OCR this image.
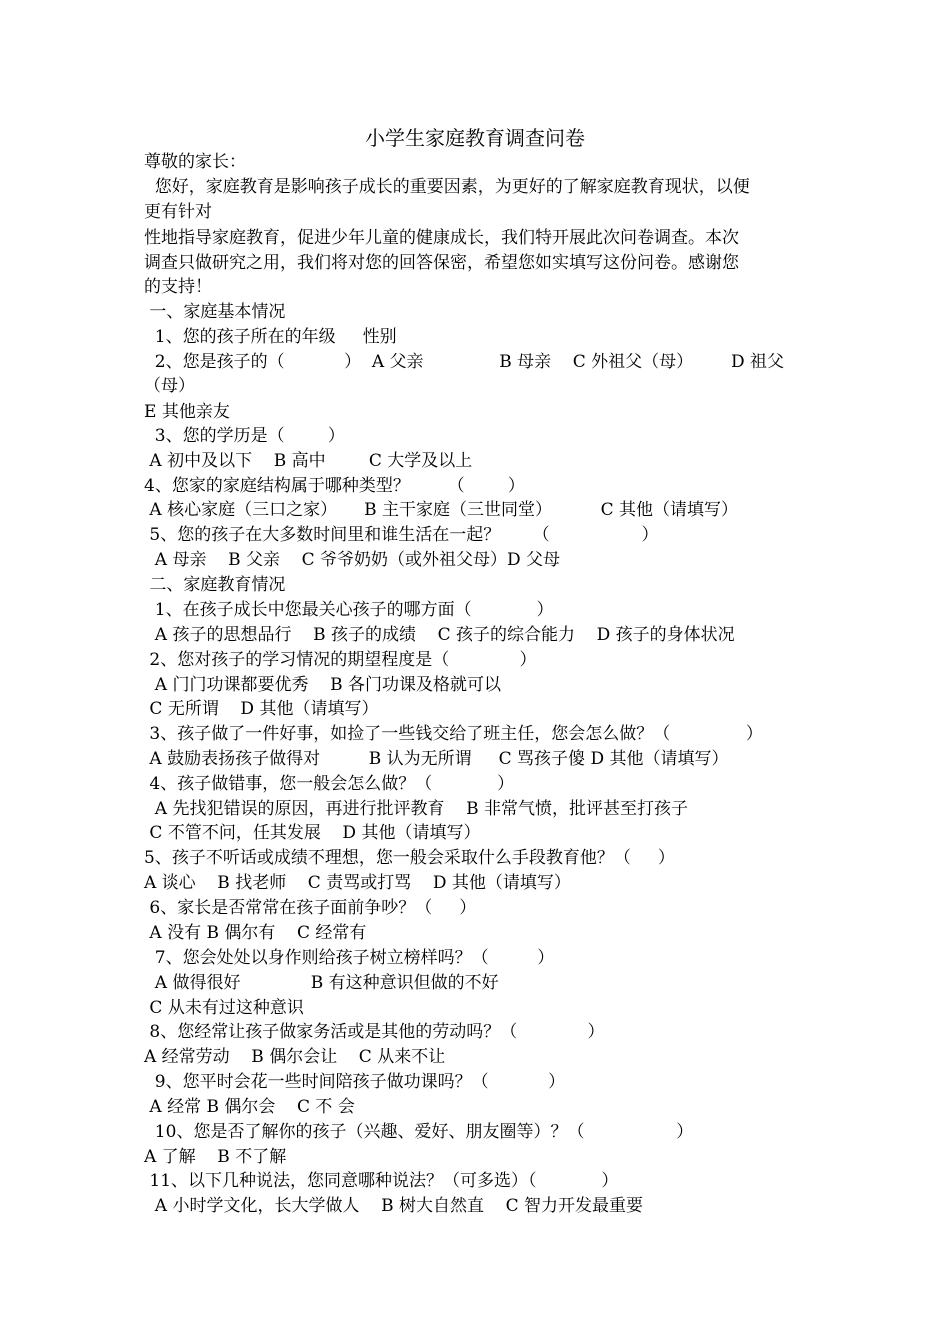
小学生家庭教育调查问卷
尊敬的家长：
您好，家庭教育是影响孩子成长的重要因素，为更好的了解家庭教育现状，以便
更有针对
性地指导家庭教育，促进少年儿童的健康成长，我们特开展此次问卷调查。本次
调查只做研究之用，我们将对您的回答保密，希望您如实填写这份问卷。感谢您
的支持！
一、家庭基本情况
1、您的孩子所在的年级     性别
2、您是孩子的（           ）  A 父亲              B 母亲    C 外祖父（母）       D 祖父
（母）
E 其他亲友
3、您的学历是（        ）
A 初中及以下    B 高中        C 大学及以上
4、您家的家庭结构属于哪种类型？       （        ）
A 核心家庭（三口之家）     B 主干家庭（三世同堂）         C 其他（请填写）
5、您的孩子在大多数时间里和谁生活在一起？      （                 ）
A 母亲    B 父亲    C 爷爷奶奶（或外祖父母）D 父母
二、家庭教育情况
1、在孩子成长中您最关心孩子的哪方面（            ）
A 孩子的思想品行    B 孩子的成绩    C 孩子的综合能力    D 孩子的身体状况
2、您对孩子的学习情况的期望程度是（             ）
A 门门功课都要优秀    B 各门功课及格就可以
C 无所谓    D 其他（请填写）
3、孩子做了一件好事，如捡了一些钱交给了班主任，您会怎么做？（              ）
A 鼓励表扬孩子做得对         B 认为无所谓     C 骂孩子傻 D 其他（请填写）
4、孩子做错事，您一般会怎么做？（            ）
A 先找犯错误的原因，再进行批评教育    B 非常气愤，批评甚至打孩子
C 不管不问，任其发展    D 其他（请填写）
5、孩子不听话或成绩不理想，您一般会采取什么手段教育他？（     ）
A 谈心    B 找老师    C 责骂或打骂    D 其他（请填写）
6、家长是否常常在孩子面前争吵？（     ）
A 没有 B 偶尔有    C 经常有
7、您会处处以身作则给孩子树立榜样吗？（         ）
A 做得很好             B 有这种意识但做的不好
C 从未有过这种意识
8、您经常让孩子做家务活或是其他的劳动吗？（             ）
A 经常劳动    B 偶尔会让    C 从来不让
9、您平时会花一些时间陪孩子做功课吗？（           ）
A 经常 B 偶尔会    C 不 会
10、您是否了解你的孩子（兴趣、爱好、朋友圈等）？（                 ）
A 了解    B 不了解
11、以下几种说法，您同意哪种说法？（可多选）（            ）
A 小时学文化，长大学做人    B 树大自然直    C 智力开发最重要
